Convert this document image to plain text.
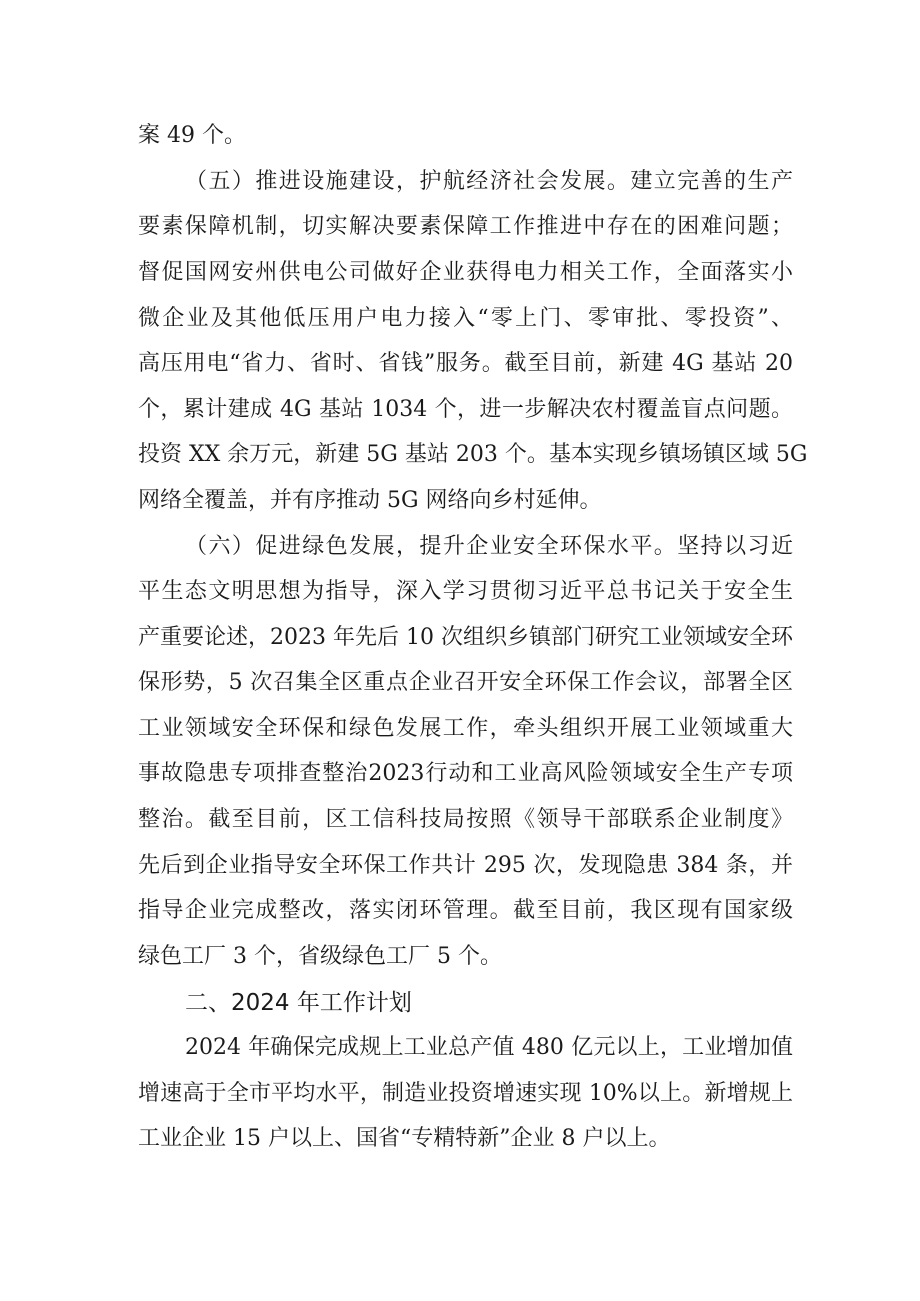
案 49 个。
（五）推进设施建设，护航经济社会发展。建立完善的生产
要素保障机制，切实解决要素保障工作推进中存在的困难问题；
督促国网安州供电公司做好企业获得电力相关工作，全面落实小
微企业及其他低压用户电力接入“零上门、零审批、零投资”、
高压用电“省力、省时、省钱”服务。截至目前，新建 4G 基站 20
个，累计建成 4G 基站 1034 个，进一步解决农村覆盖盲点问题。
投资 XX 余万元，新建 5G 基站 203 个。基本实现乡镇场镇区域 5G
网络全覆盖，并有序推动 5G 网络向乡村延伸。
（六）促进绿色发展，提升企业安全环保水平。坚持以习近
平生态文明思想为指导，深入学习贯彻习近平总书记关于安全生
产重要论述，2023 年先后 10 次组织乡镇部门研究工业领域安全环
保形势，5 次召集全区重点企业召开安全环保工作会议，部署全区
工业领域安全环保和绿色发展工作，牵头组织开展工业领域重大
事故隐患专项排查整治2023行动和工业高风险领域安全生产专项
整治。截至目前，区工信科技局按照《领导干部联系企业制度》
先后到企业指导安全环保工作共计 295 次，发现隐患 384 条，并
指导企业完成整改，落实闭环管理。截至目前，我区现有国家级
绿色工厂 3 个，省级绿色工厂 5 个。
二、2024 年工作计划
2024 年确保完成规上工业总产值 480 亿元以上，工业增加值
增速高于全市平均水平，制造业投资增速实现 10%以上。新增规上
工业企业 15 户以上、国省“专精特新”企业 8 户以上。
